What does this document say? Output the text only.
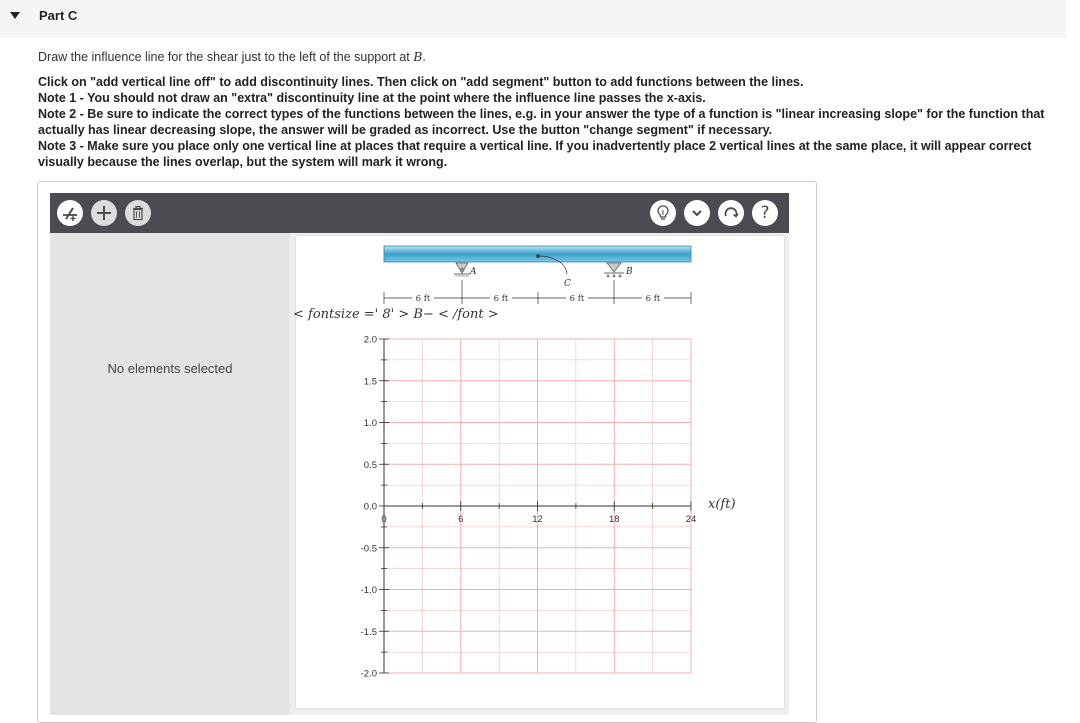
Part C
Draw the influence line for the shear just to the left of the support at B.
Click on "add vertical line off" to add discontinuity lines. Then click on "add segment" button to add functions between the lines.
Note 1 - You should not draw an "extra" discontinuity line at the point where the influence line passes the x-axis.
Note 2 - Be sure to indicate the correct types of the functions between the lines, e.g. in your answer the type of a function is "linear increasing slope" for the function that actually has linear decreasing slope, the answer will be graded as incorrect. Use the button "change segment" if necessary.
Note 3 - Make sure you place only one vertical line at places that require a vertical line. If you inadvertently place 2 vertical lines at the same place, it will appear correct visually because the lines overlap, but the system will mark it wrong.
?
No elements selected
A	B
C
6 ft	6 ft	6 ft	6 ft
< fontsize =' 8' > B− < /font >
2.0
1.5
1.0
0.5
0.0
-0.5
-1.0
-1.5
-2.0
0	6	12	18	24
x(ft)
